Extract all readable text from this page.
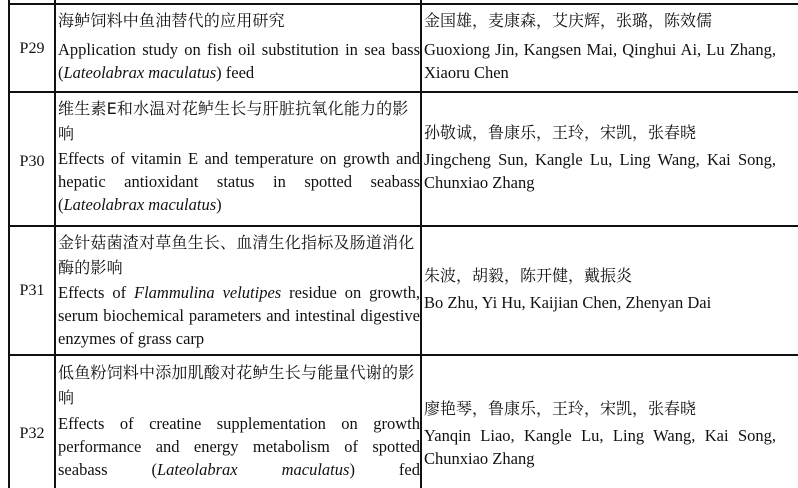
P29
海鲈饲料中鱼油替代的应用研究
Application study on fish oil substitution in sea bass (Lateolabrax maculatus) feed
金国雄，麦康森，艾庆辉，张璐，陈效儒
Guoxiong Jin, Kangsen Mai, Qinghui Ai, Lu Zhang, Xiaoru Chen
P30
维生素E和水温对花鲈生长与肝脏抗氧化能力的影响
Effects of vitamin E and temperature on growth and hepatic antioxidant status in spotted seabass (Lateolabrax maculatus)
孙敬诚，鲁康乐，王玲，宋凯，张春晓
Jingcheng Sun, Kangle Lu, Ling Wang, Kai Song, Chunxiao Zhang
P31
金针菇菌渣对草鱼生长、血清生化指标及肠道消化酶的影响
Effects of Flammulina velutipes residue on growth, serum biochemical parameters and intestinal digestive enzymes of grass carp
朱波，胡毅，陈开健，戴振炎
Bo Zhu, Yi Hu, Kaijian Chen, Zhenyan Dai
P32
低鱼粉饲料中添加肌酸对花鲈生长与能量代谢的影响
Effects of creatine supplementation on growth performance and energy metabolism of spotted seabass (Lateolabrax maculatus) fed
廖艳琴，鲁康乐，王玲，宋凯，张春晓
Yanqin Liao, Kangle Lu, Ling Wang, Kai Song, Chunxiao Zhang
